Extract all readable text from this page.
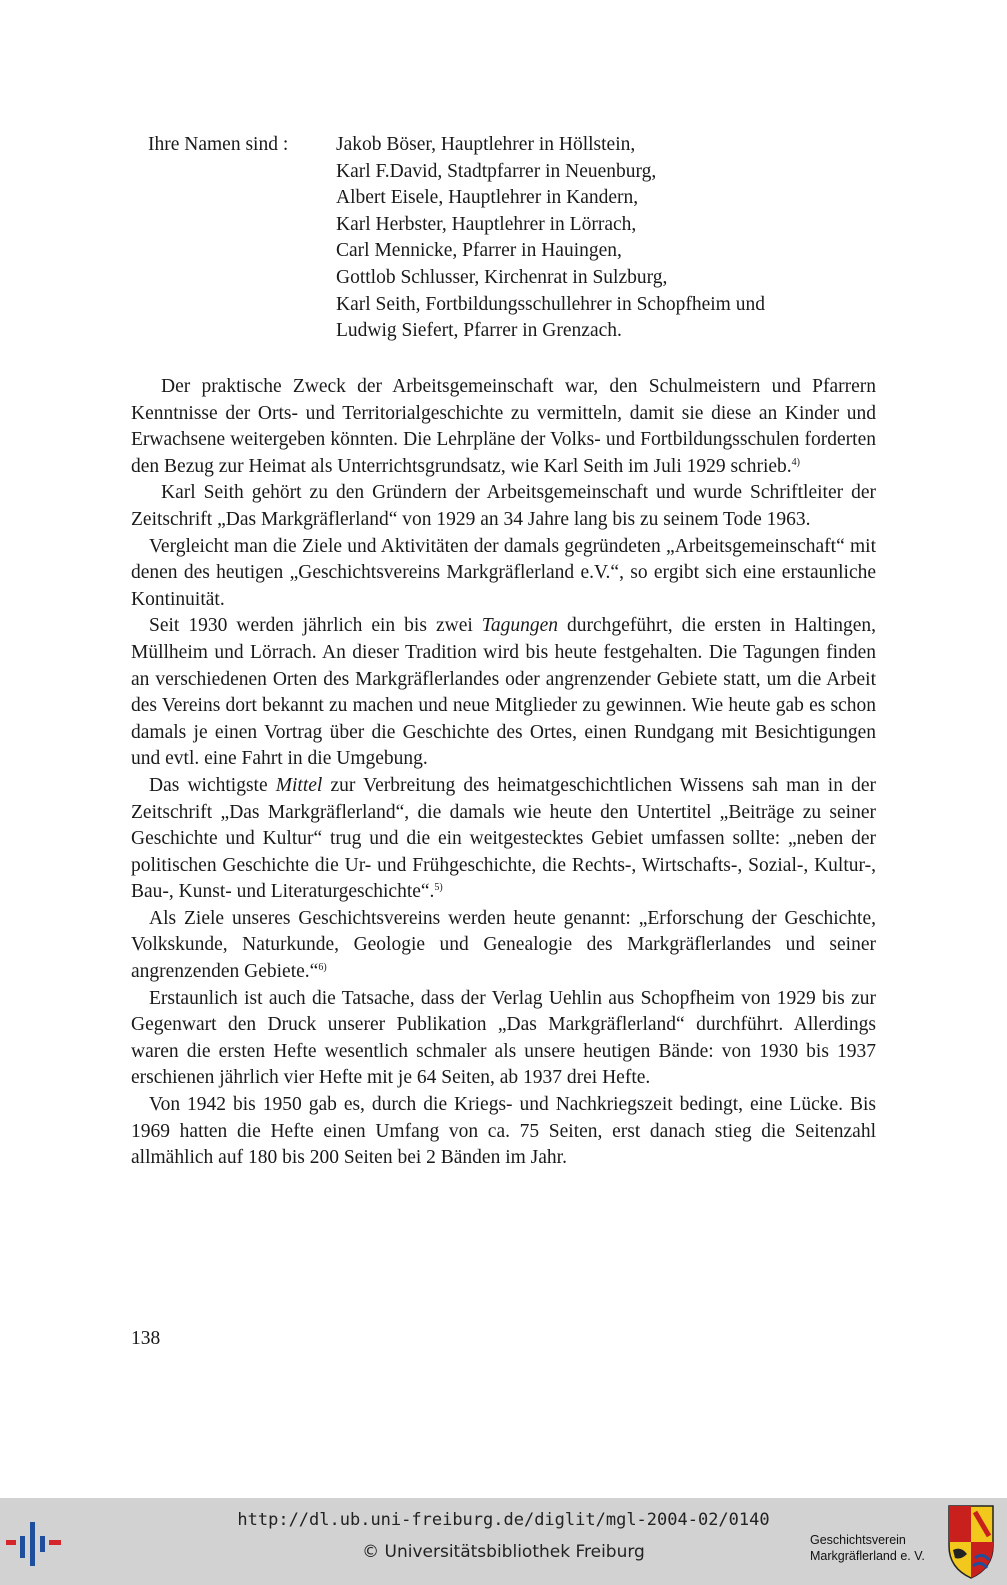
Ihre Namen sind : Jakob Böser, Hauptlehrer in Höllstein,
Karl F.David, Stadtpfarrer in Neuenburg,
Albert Eisele, Hauptlehrer in Kandern,
Karl Herbster, Hauptlehrer in Lörrach,
Carl Mennicke, Pfarrer in Hauingen,
Gottlob Schlusser, Kirchenrat in Sulzburg,
Karl Seith, Fortbildungsschullehrer in Schopfheim und
Ludwig Siefert, Pfarrer in Grenzach.

Der praktische Zweck der Arbeitsgemeinschaft war, den Schulmeistern und Pfarrern Kenntnisse der Orts- und Territorialgeschichte zu vermitteln, damit sie diese an Kinder und Erwachsene weitergeben könnten. Die Lehrpläne der Volks- und Fortbildungsschulen forderten den Bezug zur Heimat als Unterrichtsgrundsatz, wie Karl Seith im Juli 1929 schrieb.$^{4)}$

Karl Seith gehört zu den Gründern der Arbeitsgemeinschaft und wurde Schriftleiter der Zeitschrift „Das Markgräflerland“ von 1929 an 34 Jahre lang bis zu seinem Tode 1963.

Vergleicht man die Ziele und Aktivitäten der damals gegründeten „Arbeitsgemeinschaft“ mit denen des heutigen „Geschichtsvereins Markgräflerland e.V.“, so ergibt sich eine erstaunliche Kontinuität.

Seit 1930 werden jährlich ein bis zwei Tagungen durchgeführt, die ersten in Haltingen, Müllheim und Lörrach. An dieser Tradition wird bis heute festgehalten. Die Tagungen finden an verschiedenen Orten des Markgräflerlandes oder angrenzender Gebiete statt, um die Arbeit des Vereins dort bekannt zu machen und neue Mitglieder zu gewinnen. Wie heute gab es schon damals je einen Vortrag über die Geschichte des Ortes, einen Rundgang mit Besichtigungen und evtl. eine Fahrt in die Umgebung.

Das wichtigste Mittel zur Verbreitung des heimatgeschichtlichen Wissens sah man in der Zeitschrift „Das Markgräflerland“, die damals wie heute den Untertitel „Beiträge zu seiner Geschichte und Kultur“ trug und die ein weitgestecktes Gebiet umfassen sollte: „neben der politischen Geschichte die Ur- und Frühgeschichte, die Rechts-, Wirtschafts-, Sozial-, Kultur-, Bau-, Kunst- und Literaturgeschichte“.$^{5)}$

Als Ziele unseres Geschichtsvereins werden heute genannt: „Erforschung der Geschichte, Volkskunde, Naturkunde, Geologie und Genealogie des Markgräflerlandes und seiner angrenzenden Gebiete.“$^{6)}$

Erstaunlich ist auch die Tatsache, dass der Verlag Uehlin aus Schopfheim von 1929 bis zur Gegenwart den Druck unserer Publikation „Das Markgräflerland“ durchführt. Allerdings waren die ersten Hefte wesentlich schmaler als unsere heutigen Bände: von 1930 bis 1937 erschienen jährlich vier Hefte mit je 64 Seiten, ab 1937 drei Hefte.

Von 1942 bis 1950 gab es, durch die Kriegs- und Nachkriegszeit bedingt, eine Lücke. Bis 1969 hatten die Hefte einen Umfang von ca. 75 Seiten, erst danach stieg die Seitenzahl allmählich auf 180 bis 200 Seiten bei 2 Bänden im Jahr.

138
http://dl.ub.uni-freiburg.de/diglit/mgl-2004-02/0140
© Universitätsbibliothek Freiburg
Geschichtsverein
Markgräflerland e. V.
